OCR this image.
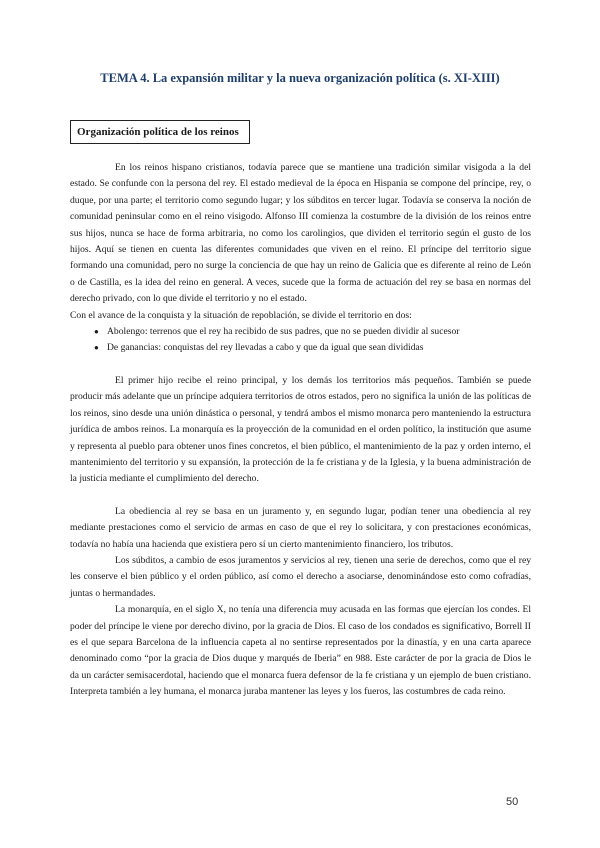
TEMA 4. La expansión militar y la nueva organización política (s. XI-XIII)
Organización política de los reinos

En los reinos hispano cristianos, todavía parece que se mantiene una tradición similar visigoda a la del estado. Se confunde con la persona del rey. El estado medieval de la época en Hispania se compone del príncipe, rey, o duque, por una parte; el territorio como segundo lugar; y los súbditos en tercer lugar. Todavía se conserva la noción de comunidad peninsular como en el reino visigodo. Alfonso III comienza la costumbre de la división de los reinos entre sus hijos, nunca se hace de forma arbitraria, no como los carolingios, que dividen el territorio según el gusto de los hijos. Aquí se tienen en cuenta las diferentes comunidades que viven en el reino. El príncipe del territorio sigue formando una comunidad, pero no surge la conciencia de que hay un reino de Galicia que es diferente al reino de León o de Castilla, es la idea del reino en general. A veces, sucede que la forma de actuación del rey se basa en normas del derecho privado, con lo que divide el territorio y no el estado.

Con el avance de la conquista y la situación de repoblación, se divide el territorio en dos:

● Abolengo: terrenos que el rey ha recibido de sus padres, que no se pueden dividir al sucesor
● De ganancias: conquistas del rey llevadas a cabo y que da igual que sean divididas

El primer hijo recibe el reino principal, y los demás los territorios más pequeños. También se puede producir más adelante que un príncipe adquiera territorios de otros estados, pero no significa la unión de las políticas de los reinos, sino desde una unión dinástica o personal, y tendrá ambos el mismo monarca pero manteniendo la estructura jurídica de ambos reinos. La monarquía es la proyección de la comunidad en el orden político, la institución que asume y representa al pueblo para obtener unos fines concretos, el bien público, el mantenimiento de la paz y orden interno, el mantenimiento del territorio y su expansión, la protección de la fe cristiana y de la Iglesia, y la buena administración de la justicia mediante el cumplimiento del derecho.

La obediencia al rey se basa en un juramento y, en segundo lugar, podían tener una obediencia al rey mediante prestaciones como el servicio de armas en caso de que el rey lo solicitara, y con prestaciones económicas, todavía no había una hacienda que existiera pero sí un cierto mantenimiento financiero, los tributos.

Los súbditos, a cambio de esos juramentos y servicios al rey, tienen una serie de derechos, como que el rey les conserve el bien público y el orden público, así como el derecho a asociarse, denominándose esto como cofradías, juntas o hermandades.

La monarquía, en el siglo X, no tenía una diferencia muy acusada en las formas que ejercían los condes. El poder del príncipe le viene por derecho divino, por la gracia de Dios. El caso de los condados es significativo, Borrell II es el que separa Barcelona de la influencia capeta al no sentirse representados por la dinastía, y en una carta aparece denominado como “por la gracia de Dios duque y marqués de Iberia” en 988. Este carácter de por la gracia de Dios le da un carácter semisacerdotal, haciendo que el monarca fuera defensor de la fe cristiana y un ejemplo de buen cristiano. Interpreta también a ley humana, el monarca juraba mantener las leyes y los fueros, las costumbres de cada reino.

50
